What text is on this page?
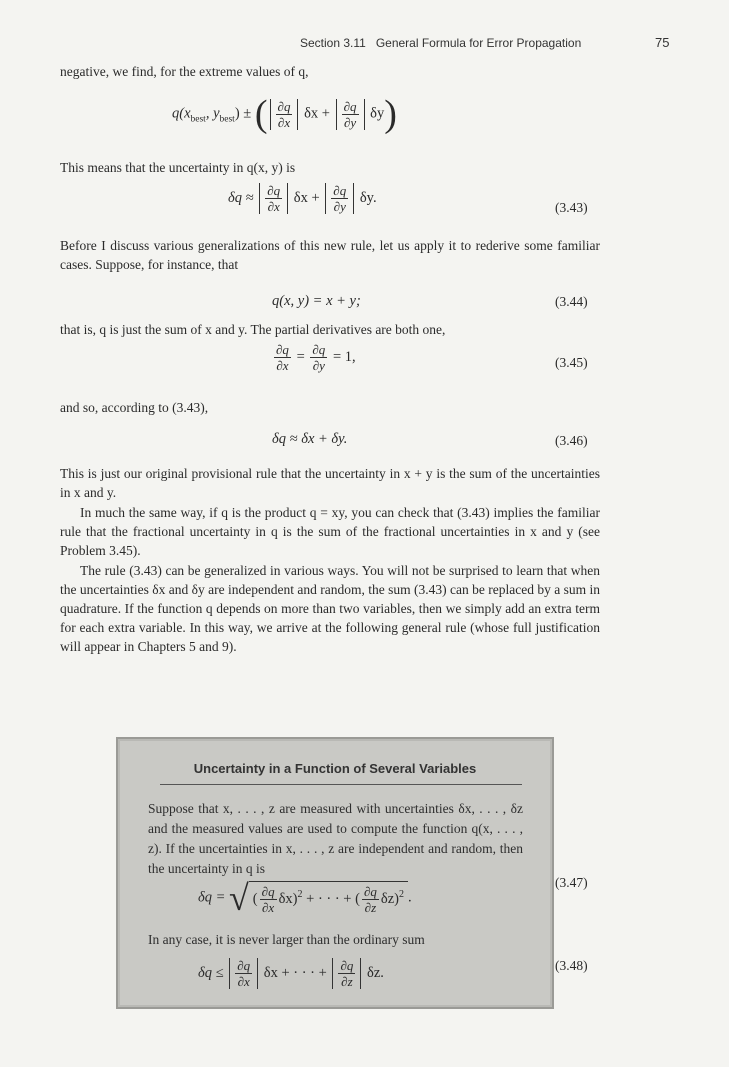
Section 3.11 General Formula for Error Propagation	75

negative, we find, for the extreme values of q,

$q(x_{best}$, $y_{best}$) ± ( $\frac{\partial q}{\partial x}$ $\delta x + \frac{\partial q}{\partial y} \delta y$)

This means that the uncertainty in q(x, y) is

$\delta q \approx \frac{\partial q}{\partial x}$ $\delta x + \frac{\partial q}{\partial y} \delta y$.
(3.43)

Before I discuss various generalizations of this new rule, let us apply it to rederive some familiar cases. Suppose, for instance, that

q(x, y) = x + y;	(3.44)

that is, q is just the sum of x and y. The partial derivatives are both one,

$\frac{\partial q}{\partial x} = \frac{\partial q}{\partial y} = 1$,	(3.45)

and so, according to (3.43),

δq ≈ δx + δy.	(3.46)

This is just our original provisional rule that the uncertainty in x + y is the sum of the uncertainties in x and y.

In much the same way, if q is the product q = xy, you can check that (3.43) implies the familiar rule that the fractional uncertainty in q is the sum of the fractional uncertainties in x and y (see Problem 3.45).

The rule (3.43) can be generalized in various ways. You will not be surprised to learn that when the uncertainties δx and δy are independent and random, the sum (3.43) can be replaced by a sum in quadrature. If the function q depends on more than two variables, then we simply add an extra term for each extra variable. In this way, we arrive at the following general rule (whose full justification will appear in Chapters 5 and 9).

Uncertainty in a Function of Several Variables

Suppose that x, . . . , z are measured with uncertainties δx, . . . , δz and the measured values are used to compute the function q(x, . . . , z). If the uncertainties in x, . . . , z are independent and random, then the uncertainty in q is

δq = √ ( $\frac{\partial q}{\partial x} \delta x)^2$ + · · · + ( $\frac{\partial q}{\partial z} \delta z)^2$ .

In any case, it is never larger than the ordinary sum

$\delta q \le \frac{\partial q}{\partial x}$ δx + · · · + $\frac{\partial q}{\partial z} \delta z$.
(3.47)
(3.48)
